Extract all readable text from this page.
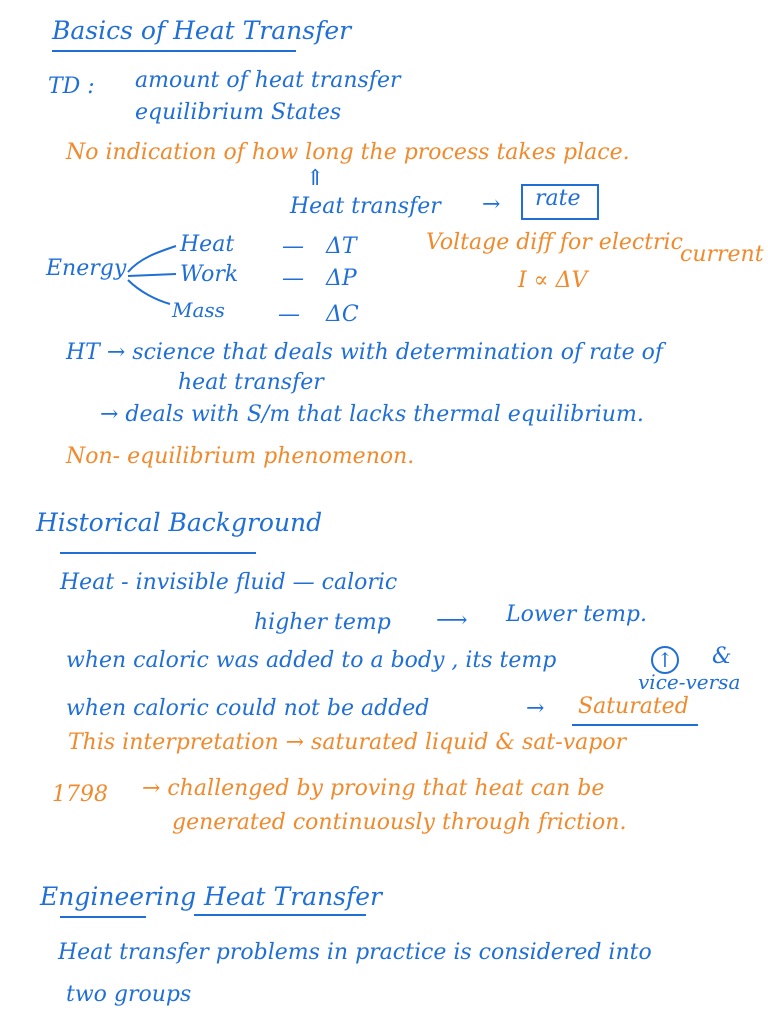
Basics of Heat Transfer
TD : amount of heat transfer
equilibrium States
No indication of how long the process takes place.
⇑
Heat transfer → rate
Energy
Heat
Work
Mass
—
—
—
ΔT
ΔP
ΔC
Voltage diff for electric
current
I ∝ ΔV
HT → science that deals with determination of rate of
heat transfer
→ deals with S/m that lacks thermal equilibrium.
Non- equilibrium phenomenon.
Historical Background
Heat - invisible fluid — caloric
higher temp ⟶ Lower temp.
when caloric was added to a body , its temp	↑ &
vice-versa
when caloric could not be added	→ Saturated
This interpretation → saturated liquid & sat-vapor
1798 → challenged by proving that heat can be
generated continuously through friction.
Engineering Heat Transfer
Heat transfer problems in practice is considered into
two groups
